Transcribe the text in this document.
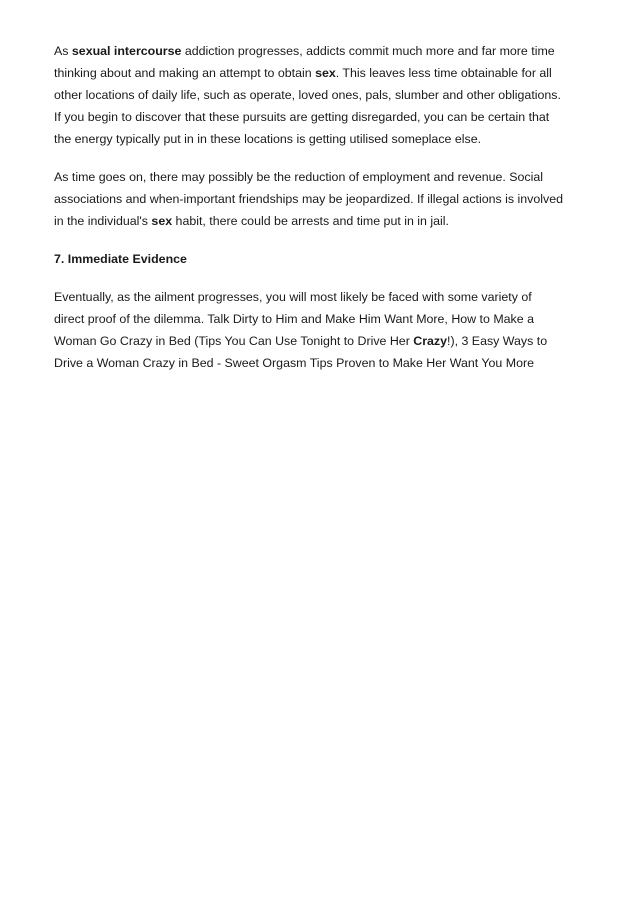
As sexual intercourse addiction progresses, addicts commit much more and far more time
thinking about and making an attempt to obtain sex. This leaves less time obtainable for all
other locations of daily life, such as operate, loved ones, pals, slumber and other obligations.
If you begin to discover that these pursuits are getting disregarded, you can be certain that
the energy typically put in in these locations is getting utilised someplace else.

As time goes on, there may possibly be the reduction of employment and revenue. Social
associations and when-important friendships may be jeopardized. If illegal actions is involved
in the individual's sex habit, there could be arrests and time put in in jail.

7. Immediate Evidence

Eventually, as the ailment progresses, you will most likely be faced with some variety of
direct proof of the dilemma. Talk Dirty to Him and Make Him Want More, How to Make a
Woman Go Crazy in Bed (Tips You Can Use Tonight to Drive Her Crazy!), 3 Easy Ways to
Drive a Woman Crazy in Bed - Sweet Orgasm Tips Proven to Make Her Want You More
